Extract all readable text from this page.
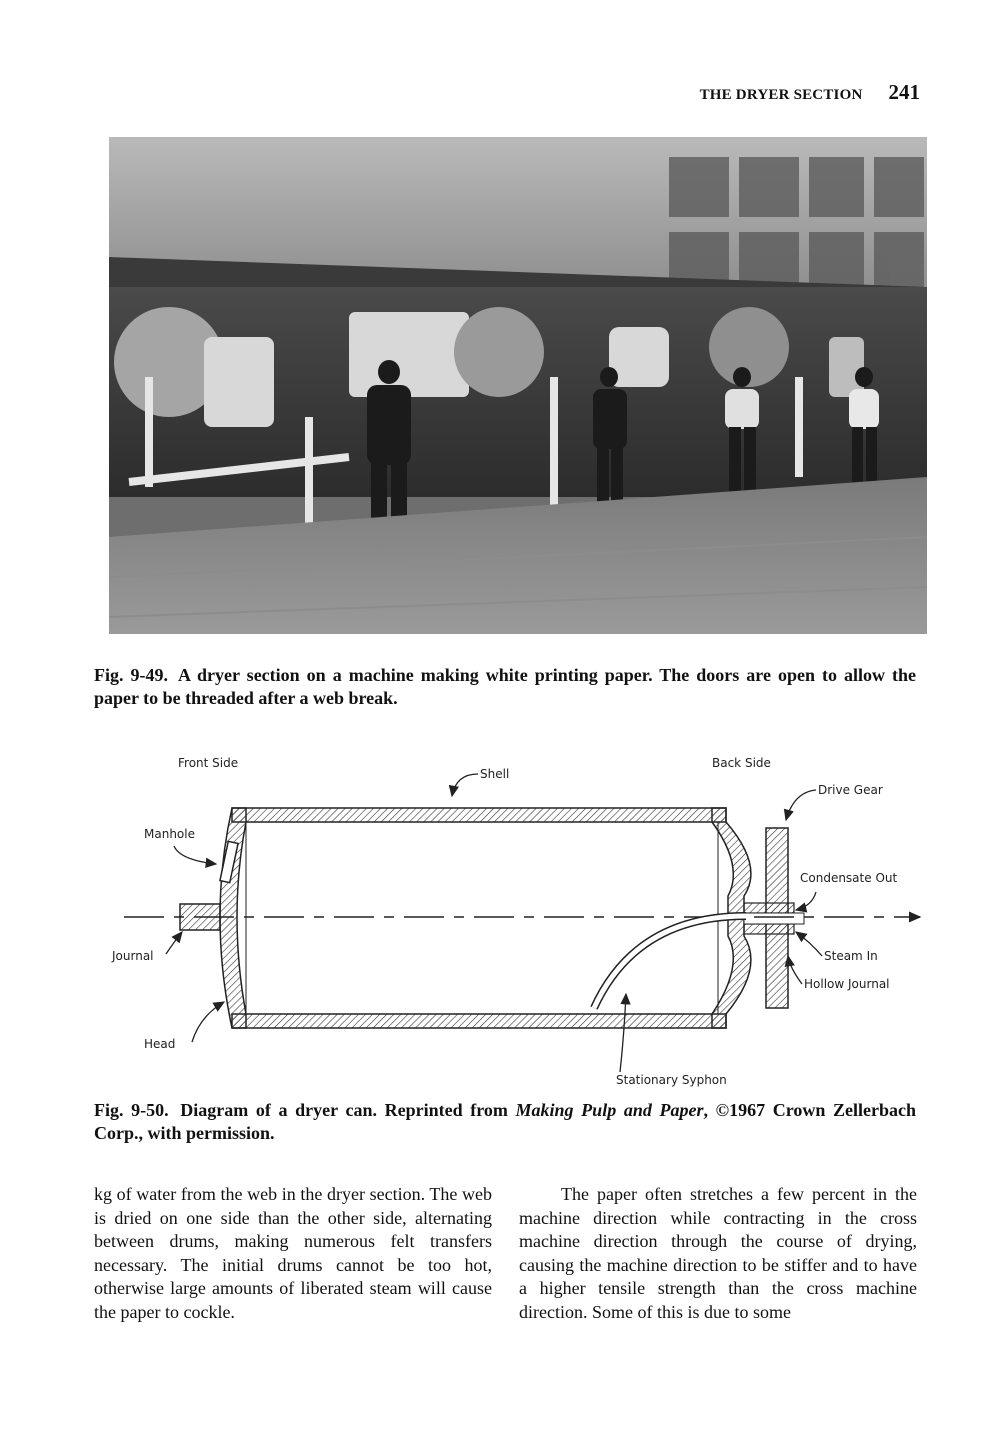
THE DRYER SECTION 241
Fig. 9-49. A dryer section on a machine making white printing paper. The doors are open to allow the paper to be threaded after a web break.
Front Side
Shell
Back Side
Drive Gear
Manhole
Condensate Out
Journal	Steam In
Hollow Journal
Head
Stationary Syphon
Fig. 9-50. Diagram of a dryer can. Reprinted from Making Pulp and Paper, ©1967 Crown Zellerbach Corp., with permission.

kg of water from the web in the dryer section. The web is dried on one side than the other side, alternating between drums, making numerous felt transfers necessary. The initial drums cannot be too hot, otherwise large amounts of liberated steam will cause the paper to cockle.

The paper often stretches a few percent in the machine direction while contracting in the cross machine direction through the course of drying, causing the machine direction to be stiffer and to have a higher tensile strength than the cross machine direction. Some of this is due to some
